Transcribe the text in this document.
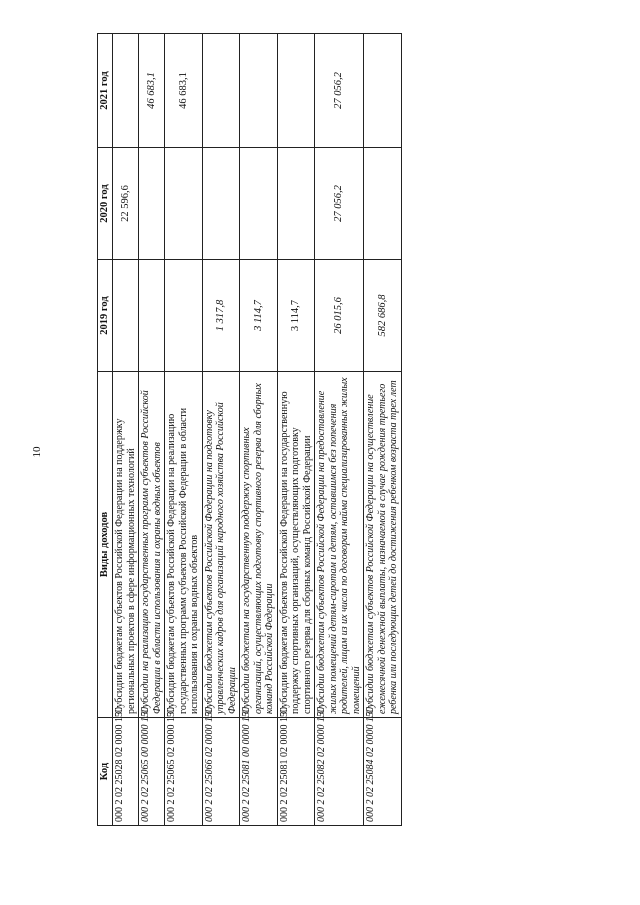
10
Код	Виды доходов	2019 год	2020 год	2021 год
000 2 02 25028 02 0000 150	Субсидии бюджетам субъектов Российской Федерации на поддержку региональных проектов в сфере информационных технологий		22 596,6	
000 2 02 25065 00 0000 150	Субсидии на реализацию государственных программ субъектов Российской Федерации в области использования и охраны водных объектов			46 683,1
000 2 02 25065 02 0000 150	Субсидии бюджетам субъектов Российской Федерации на реализацию государственных программ субъектов Российской Федерации в области использования и охраны водных объектов			46 683,1
000 2 02 25066 02 0000 150	Субсидии бюджетам субъектов Российской Федерации на подготовку управленческих кадров для организаций народного хозяйства Российской Федерации	1 317,8		
000 2 02 25081 00 0000 150	Субсидии бюджетам на государственную поддержку спортивных организаций, осуществляющих подготовку спортивного резерва для сборных команд Российской Федерации	3 114,7		
000 2 02 25081 02 0000 150	Субсидии бюджетам субъектов Российской Федерации на государственную поддержку спортивных организаций, осуществляющих подготовку спортивного резерва для сборных команд Российской Федерации	3 114,7		
000 2 02 25082 02 0000 150	Субсидии бюджетам субъектов Российской Федерации на предоставление жилых помещений детям-сиротам и детям, оставшимся без попечения родителей, лицам из их числа по договорам найма специализированных жилых помещений	26 015,6	27 056,2	27 056,2
000 2 02 25084 02 0000 150	Субсидии бюджетам субъектов Российской Федерации на осуществление ежемесячной денежной выплаты, назначаемой в случае рождения третьего ребенка или последующих детей до достижения ребенком возраста трех лет	582 686,8		
